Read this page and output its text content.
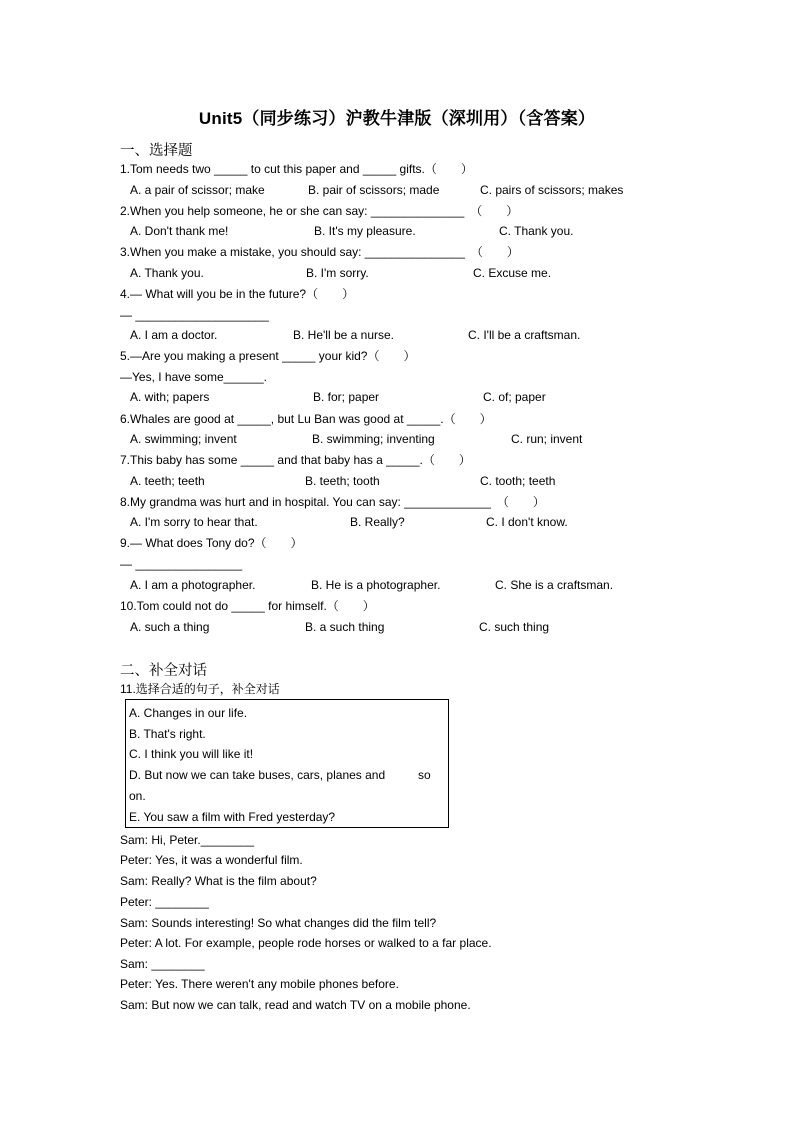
Unit5（同步练习）沪教牛津版（深圳用）（含答案）
一、选择题
1.Tom needs two _____ to cut this paper and _____ gifts.（　　）
A. a pair of scissor; make	B. pair of scissors; made	C. pairs of scissors; makes
2.When you help someone, he or she can say: ______________　（　　）
A. Don't thank me!	B. It's my pleasure.	C. Thank you.
3.When you make a mistake, you should say: _______________　（　　）
A. Thank you.	B. I'm sorry.	C. Excuse me.
4.— What will you be in the future?（　　）
— ____________________
A. I am a doctor.	B. He'll be a nurse.	C. I'll be a craftsman.
5.—Are you making a present _____ your kid?（　　）
—Yes, I have some______.
A. with; papers	B. for; paper	C. of; paper
6.Whales are good at _____, but Lu Ban was good at _____.（　　）
A. swimming; invent	B. swimming; inventing	C. run; invent
7.This baby has some _____ and that baby has a _____.（　　）
A. teeth; teeth	B. teeth; tooth	C. tooth; teeth
8.My grandma was hurt and in hospital. You can say: _____________　（　　）
A. I'm sorry to hear that.	B. Really?	C. I don't know.
9.— What does Tony do?（　　）
— ________________
A. I am a photographer.	B. He is a photographer.	C. She is a craftsman.
10.Tom could not do _____ for himself.（　　）
A. such a thing	B. a such thing	C. such thing
二、补全对话
11.选择合适的句子，补全对话
A. Changes in our life.
B. That's right.
C. I think you will like it!
D. But now we can take buses, cars, planes and	so
on.
E. You saw a film with Fred yesterday?
Sam: Hi, Peter.________
Peter: Yes, it was a wonderful film.
Sam: Really? What is the film about?
Peter: ________
Sam: Sounds interesting! So what changes did the film tell?
Peter: A lot. For example, people rode horses or walked to a far place.
Sam: ________
Peter: Yes. There weren't any mobile phones before.
Sam: But now we can talk, read and watch TV on a mobile phone.
